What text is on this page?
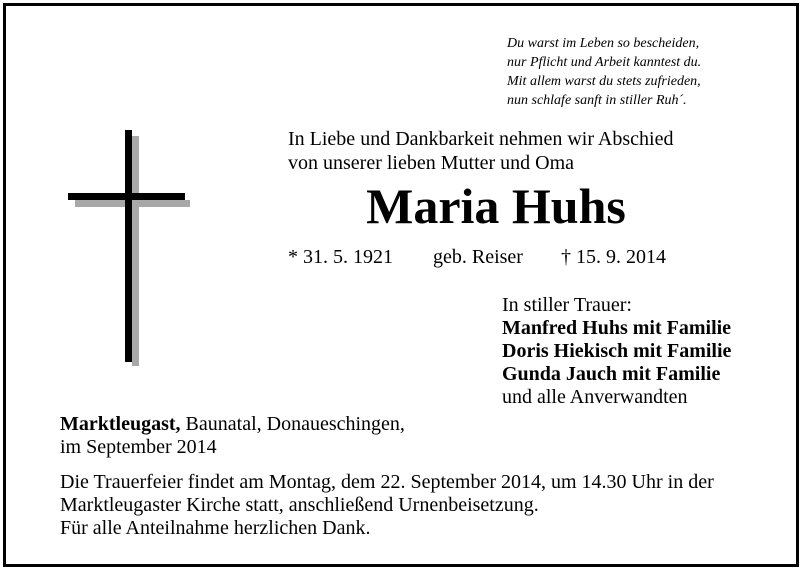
Du warst im Leben so bescheiden,
nur Pflicht und Arbeit kanntest du.
Mit allem warst du stets zufrieden,
nun schlafe sanft in stiller Ruh´.
In Liebe und Dankbarkeit nehmen wir Abschied
von unserer lieben Mutter und Oma
Maria Huhs
* 31. 5. 1921 geb. Reiser † 15. 9. 2014
In stiller Trauer:
Manfred Huhs mit Familie
Doris Hiekisch mit Familie
Gunda Jauch mit Familie
und alle Anverwandten
Marktleugast, Baunatal, Donaueschingen,
im September 2014
Die Trauerfeier findet am Montag, dem 22. September 2014, um 14.30 Uhr in der
Marktleugaster Kirche statt, anschließend Urnenbeisetzung.
Für alle Anteilnahme herzlichen Dank.
